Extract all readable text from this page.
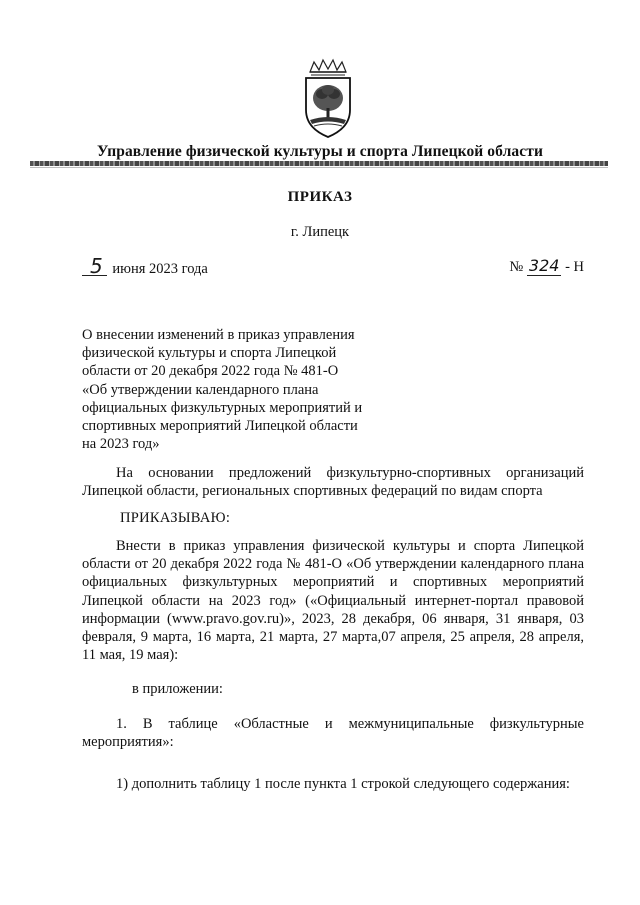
Управление физической культуры и спорта Липецкой области
ПРИКАЗ
г. Липецк
5 июня 2023 года	№ 324 - Н
О внесении изменений в приказ управления
физической культуры и спорта Липецкой
области от 20 декабря 2022 года № 481-О
«Об утверждении календарного плана
официальных физкультурных мероприятий и
спортивных мероприятий Липецкой области
на 2023 год»
На основании предложений физкультурно-спортивных организаций Липецкой области, региональных спортивных федераций по видам спорта
ПРИКАЗЫВАЮ:
Внести в приказ управления физической культуры и спорта Липецкой области от 20 декабря 2022 года № 481-О «Об утверждении календарного плана официальных физкультурных мероприятий и спортивных мероприятий Липецкой области на 2023 год» («Официальный интернет-портал правовой информации (www.pravo.gov.ru)», 2023, 28 декабря, 06 января, 31 января, 03 февраля, 9 марта, 16 марта, 21 марта, 27 марта,07 апреля, 25 апреля, 28 апреля, 11 мая, 19 мая):
в приложении:
1. В таблице «Областные и межмуниципальные физкультурные мероприятия»:
1) дополнить таблицу 1 после пункта 1 строкой следующего содержания:
